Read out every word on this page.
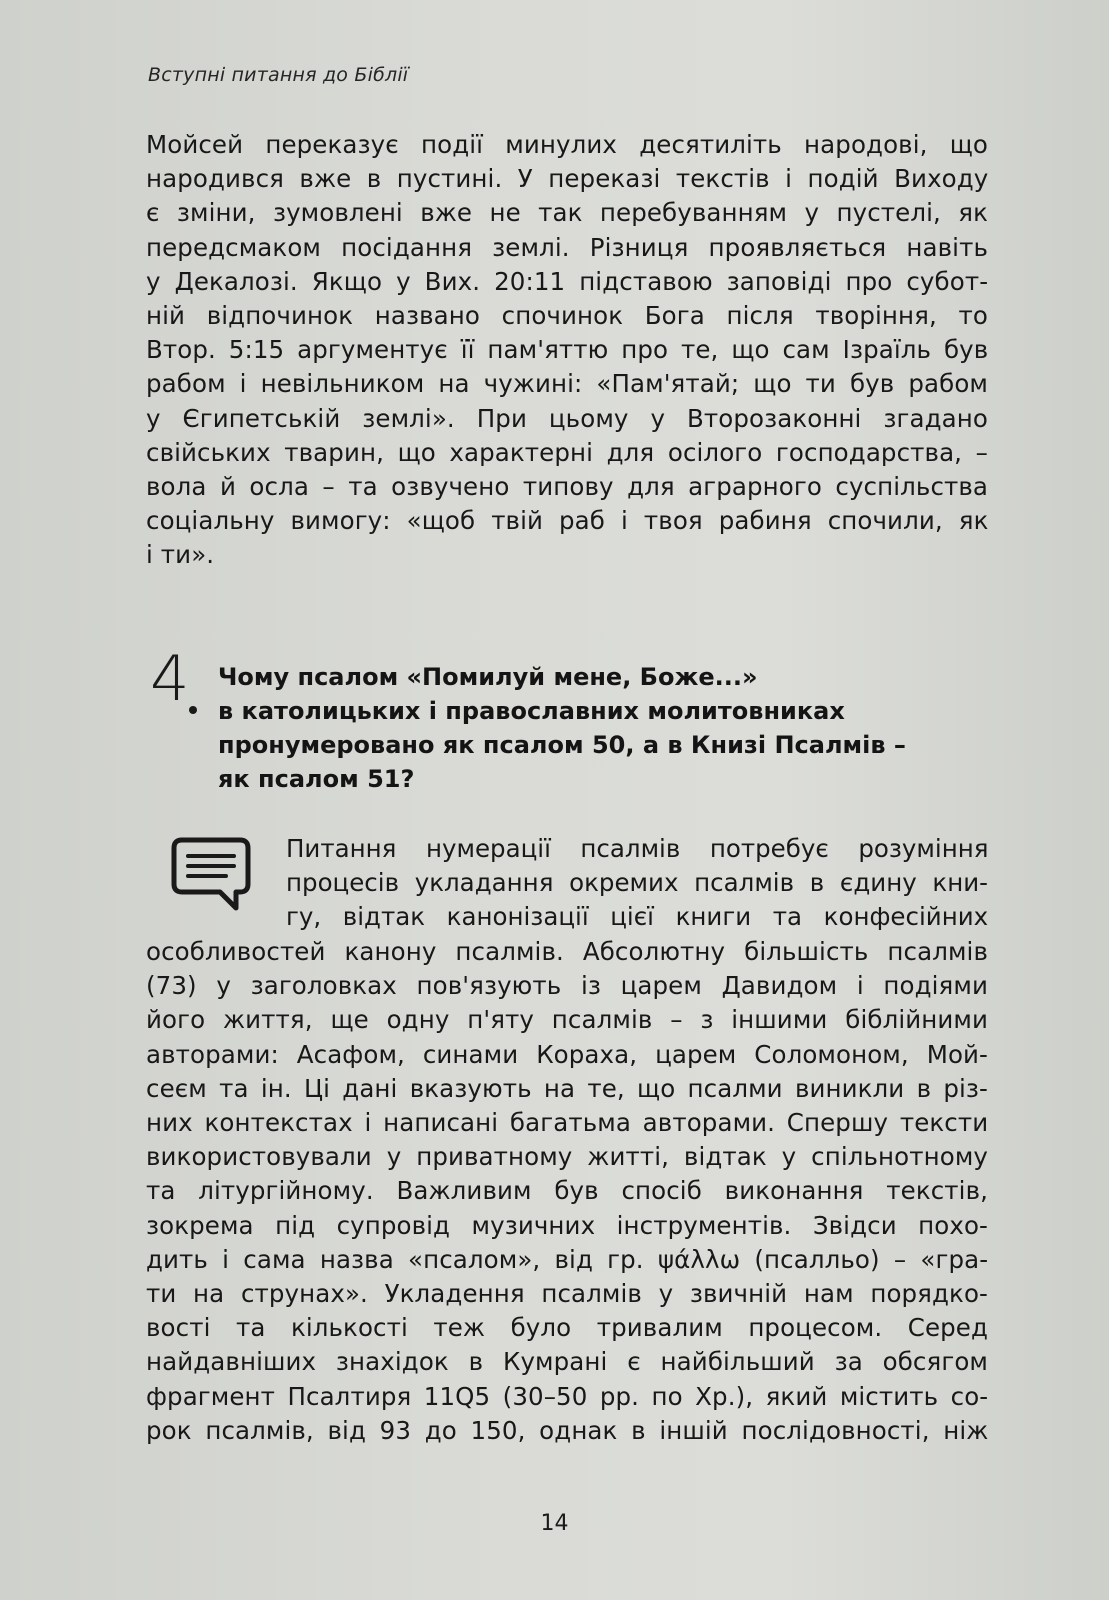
Вступні питання до Біблії
Мойсей переказує події минулих десятиліть народові, що
народився вже в пустині. У переказі текстів і подій Виходу
є зміни, зумовлені вже не так перебуванням у пустелі, як
передсмаком посідання землі. Різниця проявляється навіть
у Декалозі. Якщо у Вих. 20:11 підставою заповіді про субот-
ній відпочинок названо спочинок Бога після творіння, то
Втор. 5:15 аргументує її пам'яттю про те, що сам Ізраїль був
рабом і невільником на чужині: «Пам'ятай; що ти був рабом
у Єгипетській землі». При цьому у Второзаконні згадано
свійських тварин, що характерні для осілого господарства, –
вола й осла – та озвучено типову для аграрного суспільства
соціальну вимогу: «щоб твій раб і твоя рабиня спочили, як
і ти».
4 Чому псалом «Помилуй мене, Боже...»
в католицьких і православних молитовниках
пронумеровано як псалом 50, а в Книзі Псалмів –
як псалом 51?
Питання нумерації псалмів потребує розуміння
процесів укладання окремих псалмів в єдину кни-
гу, відтак канонізації цієї книги та конфесійних
особливостей канону псалмів. Абсолютну більшість псалмів
(73) у заголовках пов'язують із царем Давидом і подіями
його життя, ще одну п'яту псалмів – з іншими біблійними
авторами: Асафом, синами Кораха, царем Соломоном, Мой-
сеєм та ін. Ці дані вказують на те, що псалми виникли в різ-
них контекстах і написані багатьма авторами. Спершу тексти
використовували у приватному житті, відтак у спільнотному
та літургійному. Важливим був спосіб виконання текстів,
зокрема під супровід музичних інструментів. Звідси похо-
дить і сама назва «псалом», від гр. ψάλλω (псалльо) – «гра-
ти на струнах». Укладення псалмів у звичній нам порядко-
вості та кількості теж було тривалим процесом. Серед
найдавніших знахідок в Кумрані є найбільший за обсягом
фрагмент Псалтиря 11Q5 (30–50 рр. по Хр.), який містить со-
рок псалмів, від 93 до 150, однак в іншій послідовності, ніж
14
